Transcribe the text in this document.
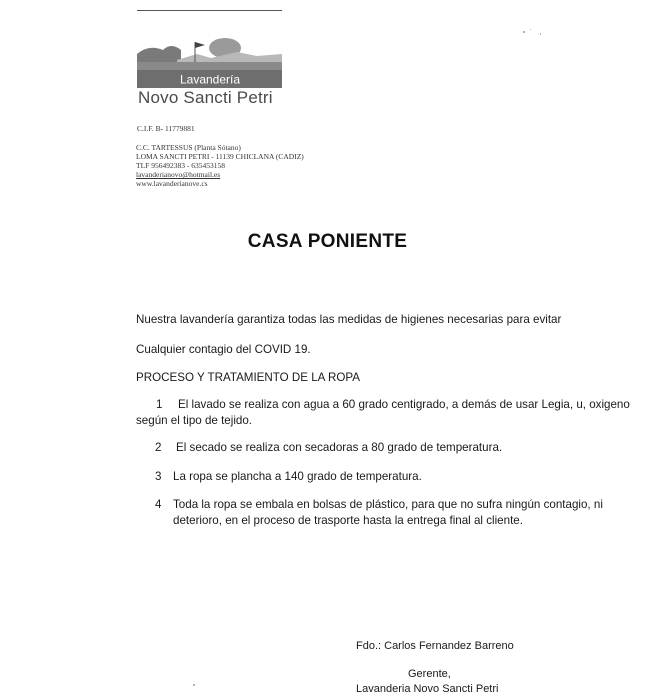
Lavandería
Novo Sancti Petri
C.I.F. B- 11779881
C.C. TARTESSUS (Planta Sótano)
LOMA SANCTI PETRI - 11139 CHICLANA (CADIZ)
TLF 956492383 - 635453158
lavanderianovo@hotmail.es
www.lavanderianove.cs
CASA PONIENTE
Nuestra lavandería garantiza todas las medidas de higienes necesarias para evitar
Cualquier contagio del COVID 19.
PROCESO Y TRATAMIENTO DE LA ROPA
1 El lavado se realiza con agua a 60 grado centigrado, a demás de usar Legia, u, oxigeno
según el tipo de tejido.
2 El secado se realiza con secadoras a 80 grado de temperatura.
3 La ropa se plancha a 140 grado de temperatura.
4 Toda la ropa se embala en bolsas de plástico, para que no sufra ningún contagio, ni
deterioro, en el proceso de trasporte hasta la entrega final al cliente.
Fdo.: Carlos Fernandez Barreno
Gerente,
Lavanderia Novo Sancti Petri
